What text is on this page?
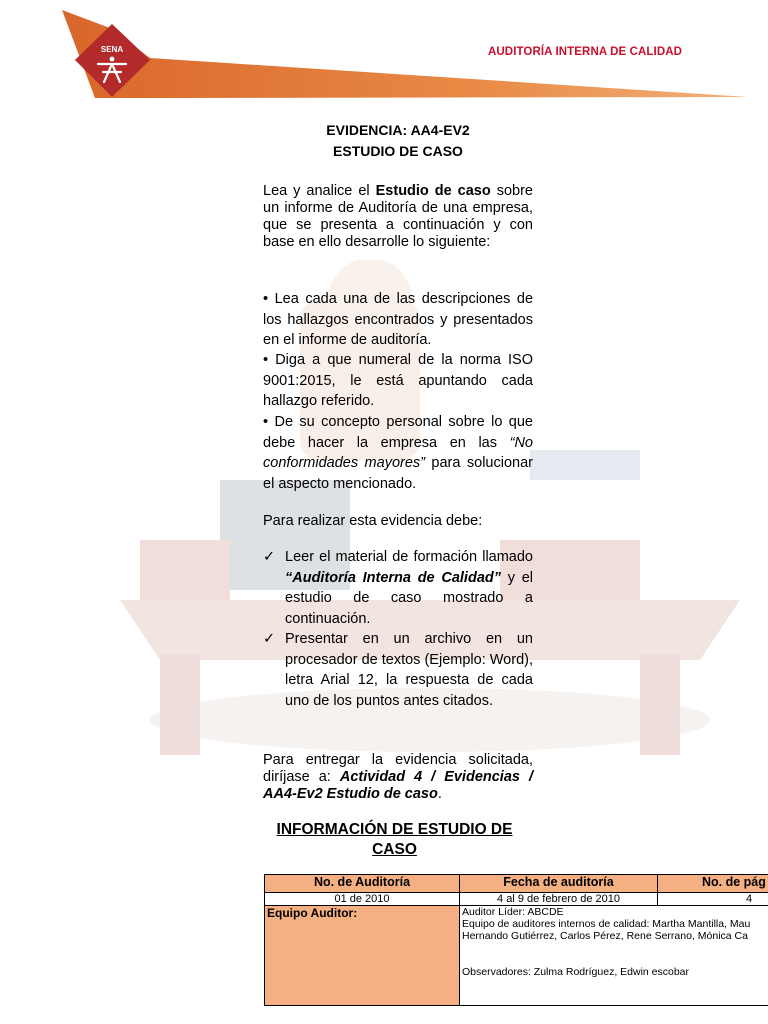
SENA	AUDITORÍA INTERNA DE CALIDAD
EVIDENCIA: AA4-EV2
ESTUDIO DE CASO
Lea y analice el Estudio de caso sobre un informe de Auditoría de una empresa, que se presenta a continuación y con base en ello desarrolle lo siguiente:
• Lea cada una de las descripciones de los hallazgos encontrados y presentados en el informe de auditoría.
• Diga a que numeral de la norma ISO 9001:2015, le está apuntando cada hallazgo referido.
• De su concepto personal sobre lo que debe hacer la empresa en las “No conformidades mayores” para solucionar el aspecto mencionado.
Para realizar esta evidencia debe:
✓ Leer el material de formación llamado “Auditoría Interna de Calidad” y el estudio de caso mostrado a continuación.
✓ Presentar en un archivo en un procesador de textos (Ejemplo: Word), letra Arial 12, la respuesta de cada uno de los puntos antes citados.
Para entregar la evidencia solicitada, diríjase a: Actividad 4 / Evidencias / AA4-Ev2 Estudio de caso.
INFORMACIÓN DE ESTUDIO DE
CASO
No. de Auditoría	Fecha de auditoría	No. de pág
01 de 2010	4 al 9 de febrero de 2010	4
Equipo Auditor:	Auditor Líder: ABCDE
Equipo de auditores internos de calidad: Martha Mantilla, Mau
Hernando Gutiérrez, Carlos Pérez, Rene Serrano, Mónica Ca
Observadores: Zulma Rodríguez, Edwin escobar	
